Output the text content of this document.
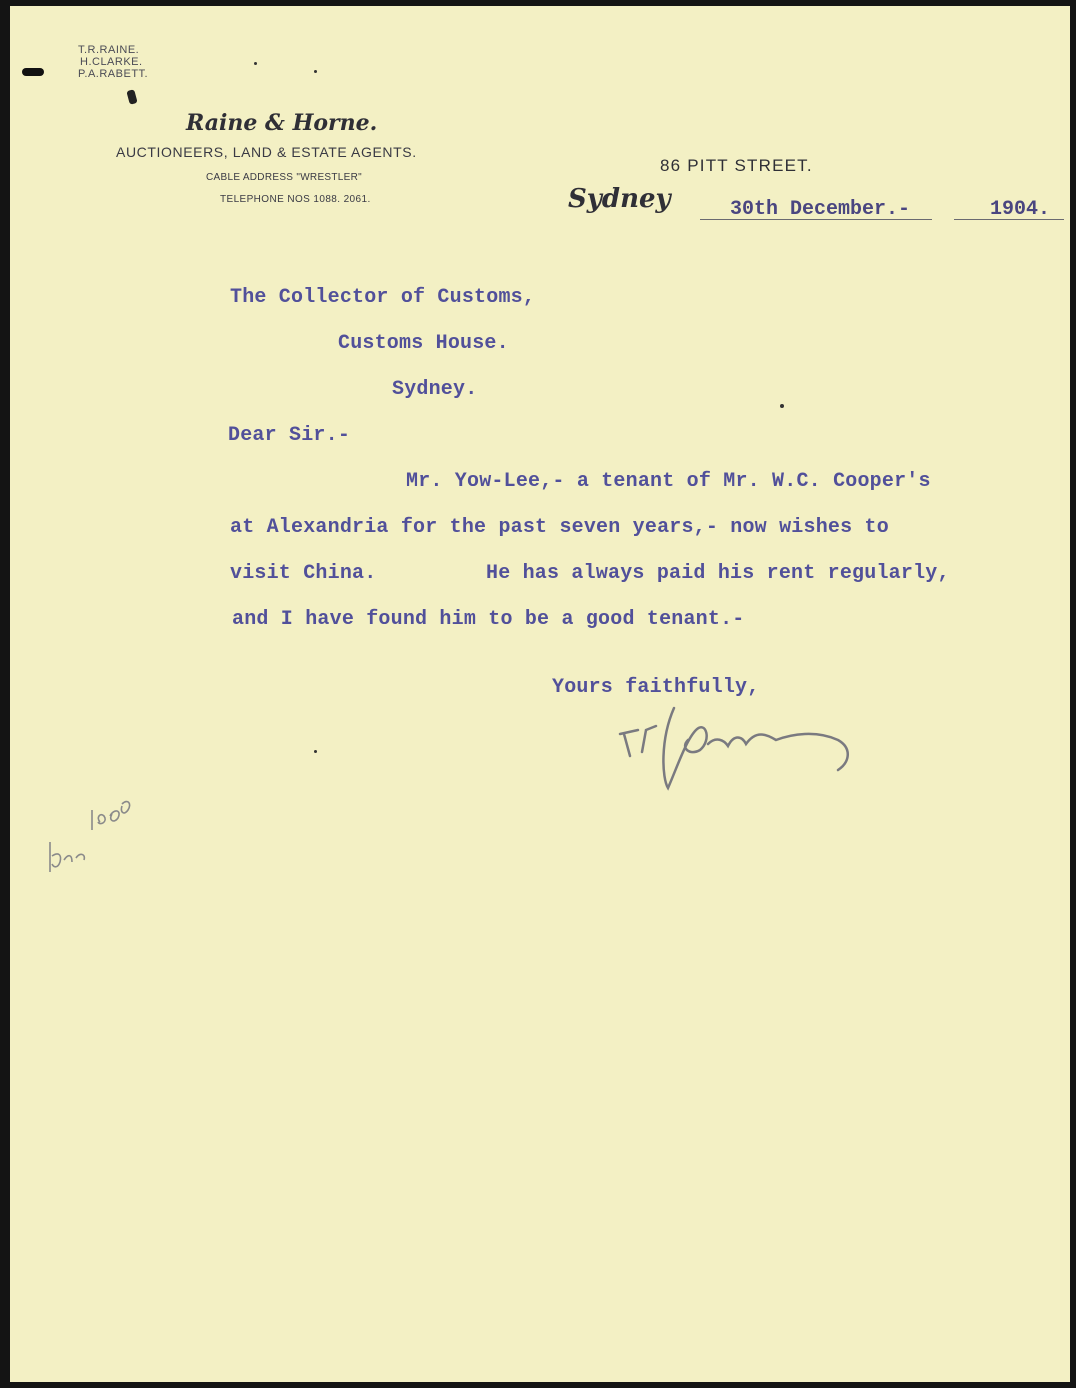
T.R.RAINE.
H.CLARKE.
P.A.RABETT.
Raine & Horne.
AUCTIONEERS, LAND & ESTATE AGENTS.
CABLE ADDRESS "WRESTLER"
TELEPHONE NOS 1088. 2061.
86 PITT STREET.
Sydney	30th December.-	1904.
The Collector of Customs,
Customs House.
Sydney.
Dear Sir.-
Mr. Yow-Lee,- a tenant of Mr. W.C. Cooper's
at Alexandria for the past seven years,- now wishes to
visit China.	He has always paid his rent regularly,
and I have found him to be a good tenant.-
Yours faithfully,
